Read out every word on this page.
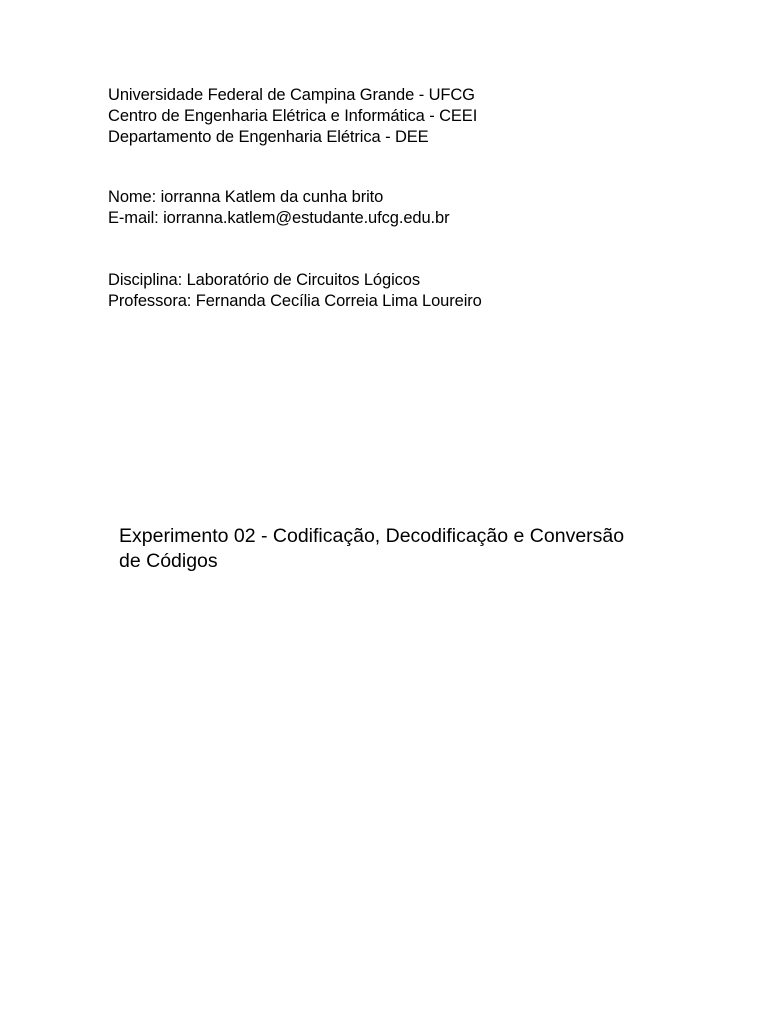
Universidade Federal de Campina Grande - UFCG
Centro de Engenharia Elétrica e Informática - CEEI
Departamento de Engenharia Elétrica - DEE
Nome: iorranna Katlem da cunha brito
E-mail: iorranna.katlem@estudante.ufcg.edu.br
Disciplina: Laboratório de Circuitos Lógicos
Professora: Fernanda Cecília Correia Lima Loureiro
Experimento 02 - Codificação, Decodificação e Conversão
de Códigos
